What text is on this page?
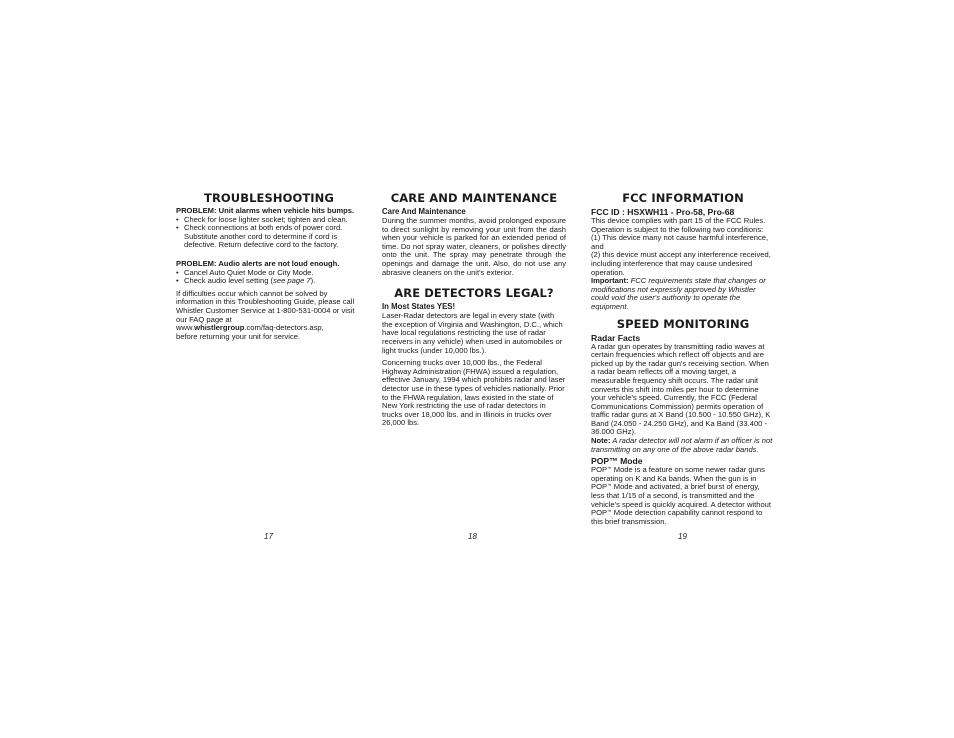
TROUBLESHOOTING

PROBLEM: Unit alarms when vehicle hits bumps.

• Check for loose lighter socket; tighten and clean.
• Check connections at both ends of power cord. Substitute another cord to determine if cord is defective. Return defective cord to the factory.

PROBLEM: Audio alerts are not loud enough.

• Cancel Auto Quiet Mode or City Mode.
• Check audio level setting (see page 7).

If difficulties occur which cannot be solved by information in this Troubleshooting Guide, please call Whistler Customer Service at 1-800-531-0004 or visit our FAQ page at

www.whistlergroup.com/faq-detectors.asp,

before returning your unit for service.

17
CARE AND MAINTENANCE
Care And Maintenance

During the summer months, avoid prolonged exposure to direct sunlight by removing your unit from the dash when your vehicle is parked for an extended period of time. Do not spray water, cleaners, or polishes directly onto the unit. The spray may penetrate through the openings and damage the unit. Also, do not use any abrasive cleaners on the unit's exterior.

ARE DETECTORS LEGAL?
In Most States YES!

Laser-Radar detectors are legal in every state (with the exception of Virginia and Washington, D.C., which have local regulations restricting the use of radar receivers in any vehicle) when used in automobiles or light trucks (under 10,000 lbs.).

Concerning trucks over 10,000 lbs., the Federal Highway Administration (FHWA) issued a regulation, effective January, 1994 which prohibits radar and laser detector use in these types of vehicles nationally. Prior to the FHWA regulation, laws existed in the state of New York restricting the use of radar detectors in trucks over 18,000 lbs. and in Illinois in trucks over 26,000 lbs.

18
FCC INFORMATION
FCC ID : HSXWH11 - Pro-58, Pro-68

This device complies with part 15 of the FCC Rules. Operation is subject to the following two conditions:

(1) This device many not cause harmful interference, and

(2) this device must accept any interference received, including interference that may cause undesired operation.

Important: FCC requirements state that changes or modifications not expressly approved by Whistler could void the user's authority to operate the equipment.

SPEED MONITORING
Radar Facts

A radar gun operates by transmitting radio waves at certain frequencies which reflect off objects and are picked up by the radar gun's receiving section. When a radar beam reflects off a moving target, a measurable frequency shift occurs. The radar unit converts this shift into miles per hour to determine your vehicle's speed. Currently, the FCC (Federal Communications Commission) permits operation of traffic radar guns at X Band (10.500 - 10.550 GHz), K Band (24.050 - 24.250 GHz), and Ka Band (33.400 - 36.000 GHz).

Note: A radar detector will not alarm if an officer is not transmitting on any one of the above radar bands.

POP™ Mode

POP™ Mode is a feature on some newer radar guns operating on K and Ka bands. When the gun is in POP™ Mode and activated, a brief burst of energy, less that 1/15 of a second, is transmitted and the vehicle's speed is quickly acquired. A detector without POP™ Mode detection capability cannot respond to this brief transmission.

19
